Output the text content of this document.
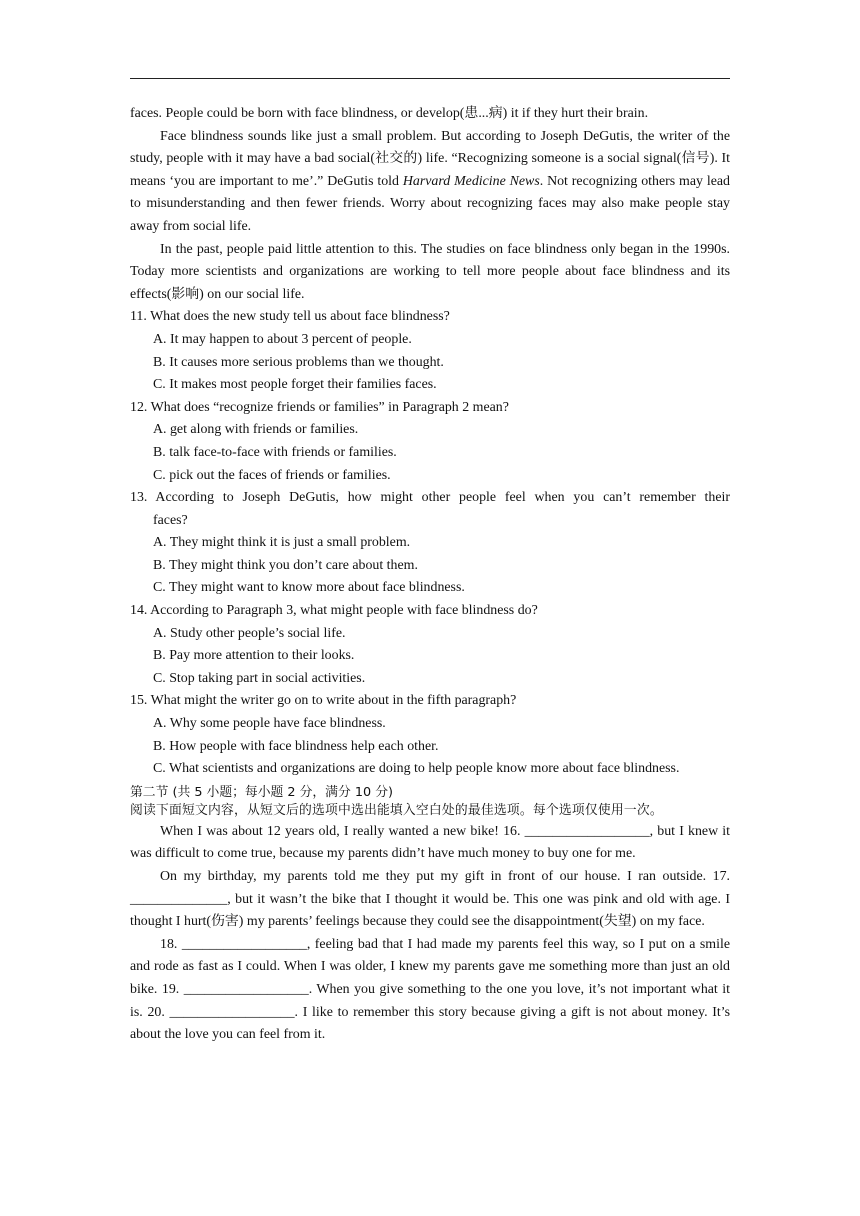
faces. People could be born with face blindness, or develop(患...病) it if they hurt their brain.

Face blindness sounds like just a small problem. But according to Joseph DeGutis, the writer of the study, people with it may have a bad social(社交的) life. “Recognizing someone is a social signal(信号). It means ‘you are important to me’.” DeGutis told Harvard Medicine News. Not recognizing others may lead to misunderstanding and then fewer friends. Worry about recognizing faces may also make people stay away from social life.

In the past, people paid little attention to this. The studies on face blindness only began in the 1990s. Today more scientists and organizations are working to tell more people about face blindness and its effects(影响) on our social life.

11. What does the new study tell us about face blindness?
A. It may happen to about 3 percent of people.
B. It causes more serious problems than we thought.
C. It makes most people forget their families faces.
12. What does “recognize friends or families” in Paragraph 2 mean?
A. get along with friends or families.
B. talk face-to-face with friends or families.
C. pick out the faces of friends or families.
13. According to Joseph DeGutis, how might other people feel when you can’t remember their
faces?
A. They might think it is just a small problem.
B. They might think you don’t care about them.
C. They might want to know more about face blindness.
14. According to Paragraph 3, what might people with face blindness do?
A. Study other people’s social life.
B. Pay more attention to their looks.
C. Stop taking part in social activities.
15. What might the writer go on to write about in the fifth paragraph?
A. Why some people have face blindness.
B. How people with face blindness help each other.
C. What scientists and organizations are doing to help people know more about face blindness.
第二节 (共 5 小题；每小题 2 分，满分 10 分)
阅读下面短文内容，从短文后的选项中选出能填入空白处的最佳选项。每个选项仅使用一次。

When I was about 12 years old, I really wanted a new bike! 16. __________________, but I knew it was difficult to come true, because my parents didn’t have much money to buy one for me.

On my birthday, my parents told me they put my gift in front of our house. I ran outside. 17. ______________, but it wasn’t the bike that I thought it would be. This one was pink and old with age. I thought I hurt(伤害) my parents’ feelings because they could see the disappointment(失望) on my face.

18. __________________, feeling bad that I had made my parents feel this way, so I put on a smile and rode as fast as I could. When I was older, I knew my parents gave me something more than just an old bike. 19. __________________. When you give something to the one you love, it’s not important what it is. 20. __________________. I like to remember this story because giving a gift is not about money. It’s about the love you can feel from it.
